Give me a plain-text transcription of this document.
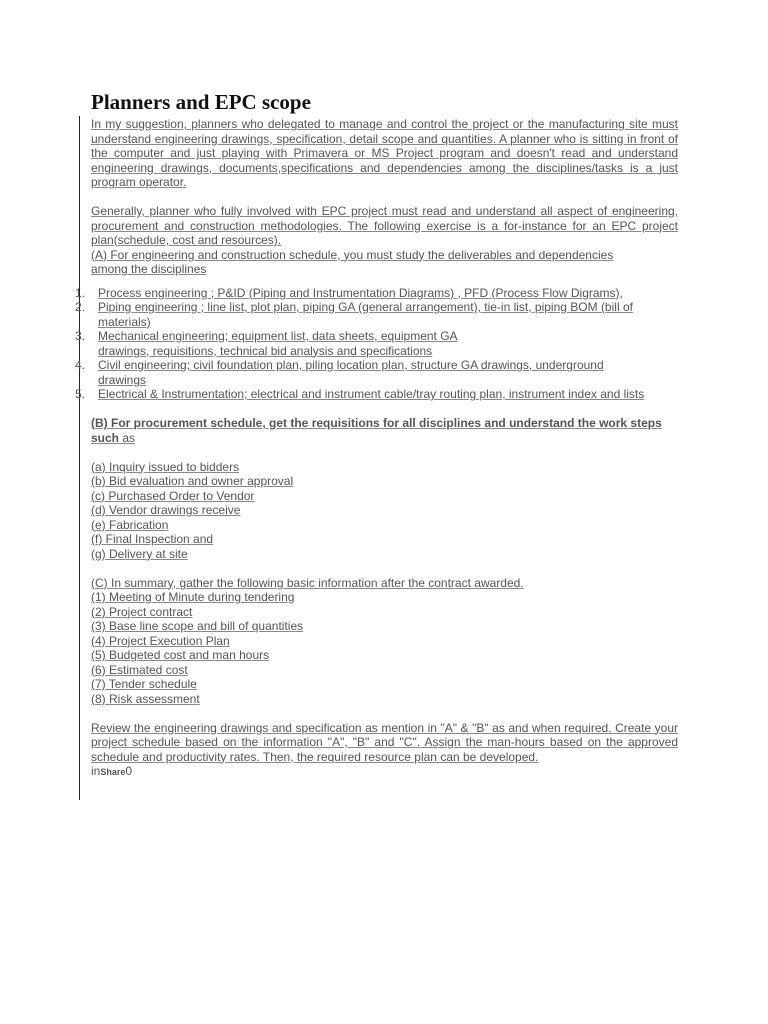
Planners and EPC scope

In my suggestion, planners who delegated to manage and control the project or the manufacturing site must understand engineering drawings, specification, detail scope and quantities. A planner who is sitting in front of the computer and just playing with Primavera or MS Project program and doesn't read and understand engineering drawings, documents,specifications and dependencies among the disciplines/tasks is a just program operator.

Generally, planner who fully involved with EPC project must read and understand all aspect of engineering, procurement and construction methodologies. The following exercise is a for-instance for an EPC project plan(schedule, cost and resources).

(A) For engineering and construction schedule, you must study the deliverables and dependencies among the disciplines

1. Process engineering ; P&ID (Piping and Instrumentation Diagrams) , PFD (Process Flow Digrams),
2. Piping engineering ; line list, plot plan, piping GA (general arrangement), tie-in list, piping BOM (bill of materials)
3. Mechanical engineering; equipment list, data sheets, equipment GA drawings, requisitions, technical bid analysis and specifications
4. Civil engineering; civil foundation plan, piling location plan, structure GA drawings, underground drawings
5. Electrical & Instrumentation; electrical and instrument cable/tray routing plan, instrument index and lists

(B) For procurement schedule, get the requisitions for all disciplines and understand the work steps such as

(a) Inquiry issued to bidders
(b) Bid evaluation and owner approval
(c) Purchased Order to Vendor
(d) Vendor drawings receive
(e) Fabrication
(f) Final Inspection and
(g) Delivery at site

(C) In summary, gather the following basic information after the contract awarded.

(1) Meeting of Minute during tendering
(2) Project contract
(3) Base line scope and bill of quantities
(4) Project Execution Plan
(5) Budgeted cost and man hours
(6) Estimated cost
(7) Tender schedule
(8) Risk assessment

Review the engineering drawings and specification as mention in "A" & "B" as and when required. Create your project schedule based on the information "A", "B" and "C". Assign the man-hours based on the approved schedule and productivity rates. Then, the required resource plan can be developed.

inShare0
